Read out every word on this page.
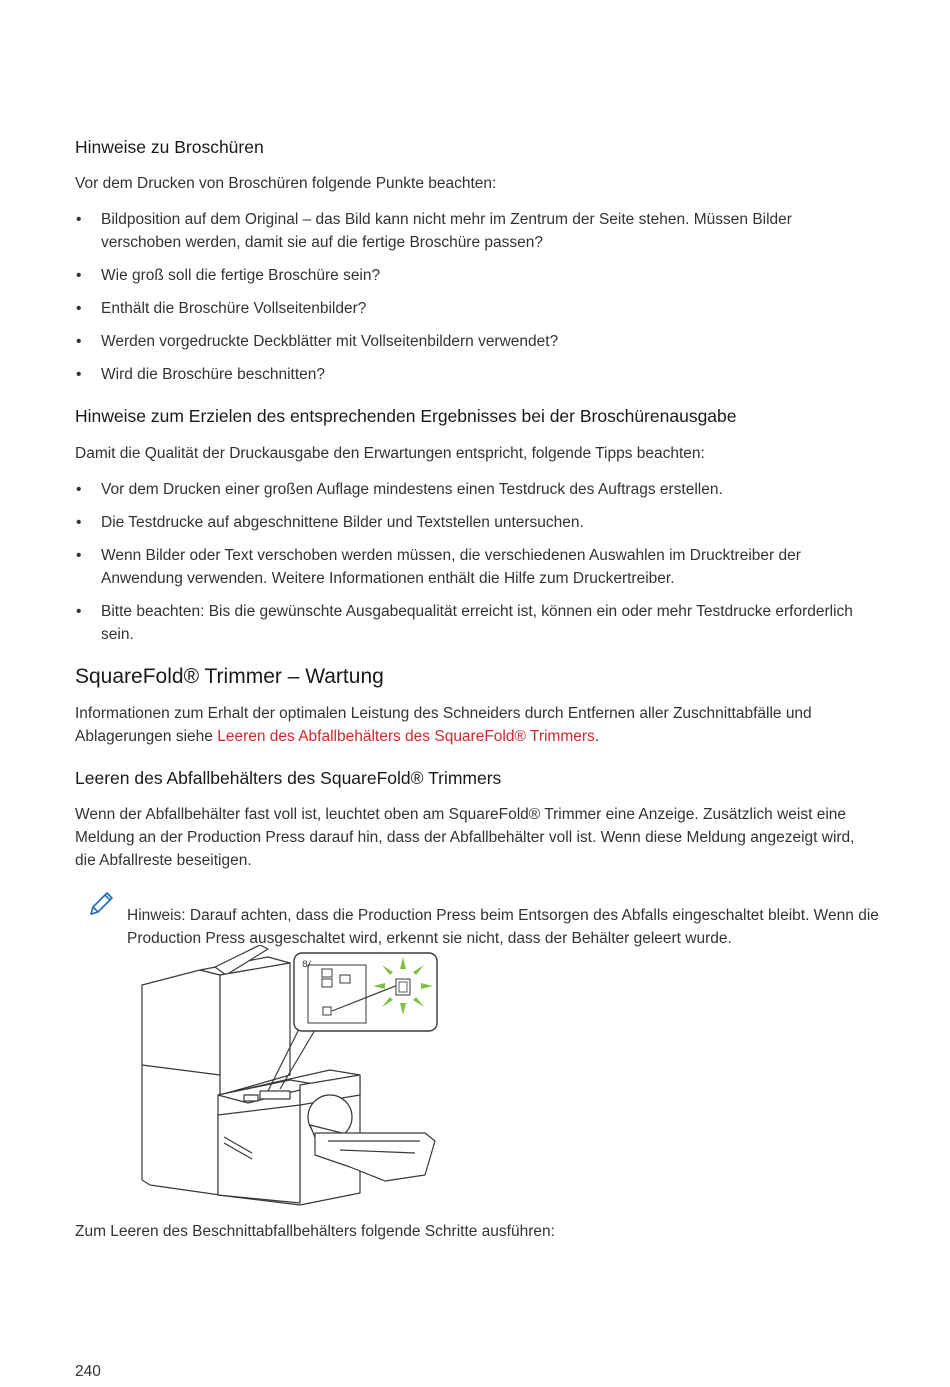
Hinweise zu Broschüren

Vor dem Drucken von Broschüren folgende Punkte beachten:

• Bildposition auf dem Original – das Bild kann nicht mehr im Zentrum der Seite stehen. Müssen Bilder verschoben werden, damit sie auf die fertige Broschüre passen?
• Wie groß soll die fertige Broschüre sein?
• Enthält die Broschüre Vollseitenbilder?
• Werden vorgedruckte Deckblätter mit Vollseitenbildern verwendet?
• Wird die Broschüre beschnitten?
Hinweise zum Erzielen des entsprechenden Ergebnisses bei der Broschürenausgabe

Damit die Qualität der Druckausgabe den Erwartungen entspricht, folgende Tipps beachten:

• Vor dem Drucken einer großen Auflage mindestens einen Testdruck des Auftrags erstellen.
• Die Testdrucke auf abgeschnittene Bilder und Textstellen untersuchen.
• Wenn Bilder oder Text verschoben werden müssen, die verschiedenen Auswahlen im Drucktreiber der Anwendung verwenden. Weitere Informationen enthält die Hilfe zum Druckertreiber.
• Bitte beachten: Bis die gewünschte Ausgabequalität erreicht ist, können ein oder mehr Testdrucke erforderlich sein.
SquareFold® Trimmer – Wartung

Informationen zum Erhalt der optimalen Leistung des Schneiders durch Entfernen aller Zuschnittabfälle und Ablagerungen siehe Leeren des Abfallbehälters des SquareFold® Trimmers.

Leeren des Abfallbehälters des SquareFold® Trimmers

Wenn der Abfallbehälter fast voll ist, leuchtet oben am SquareFold® Trimmer eine Anzeige. Zusätzlich weist eine Meldung an der Production Press darauf hin, dass der Abfallbehälter voll ist. Wenn diese Meldung angezeigt wird, die Abfallreste beseitigen.

Hinweis: Darauf achten, dass die Production Press beim Entsorgen des Abfalls eingeschaltet bleibt. Wenn die Production Press ausgeschaltet wird, erkennt sie nicht, dass der Behälter geleert wurde.

8/

Zum Leeren des Beschnittabfallbehälters folgende Schritte ausführen:

240
